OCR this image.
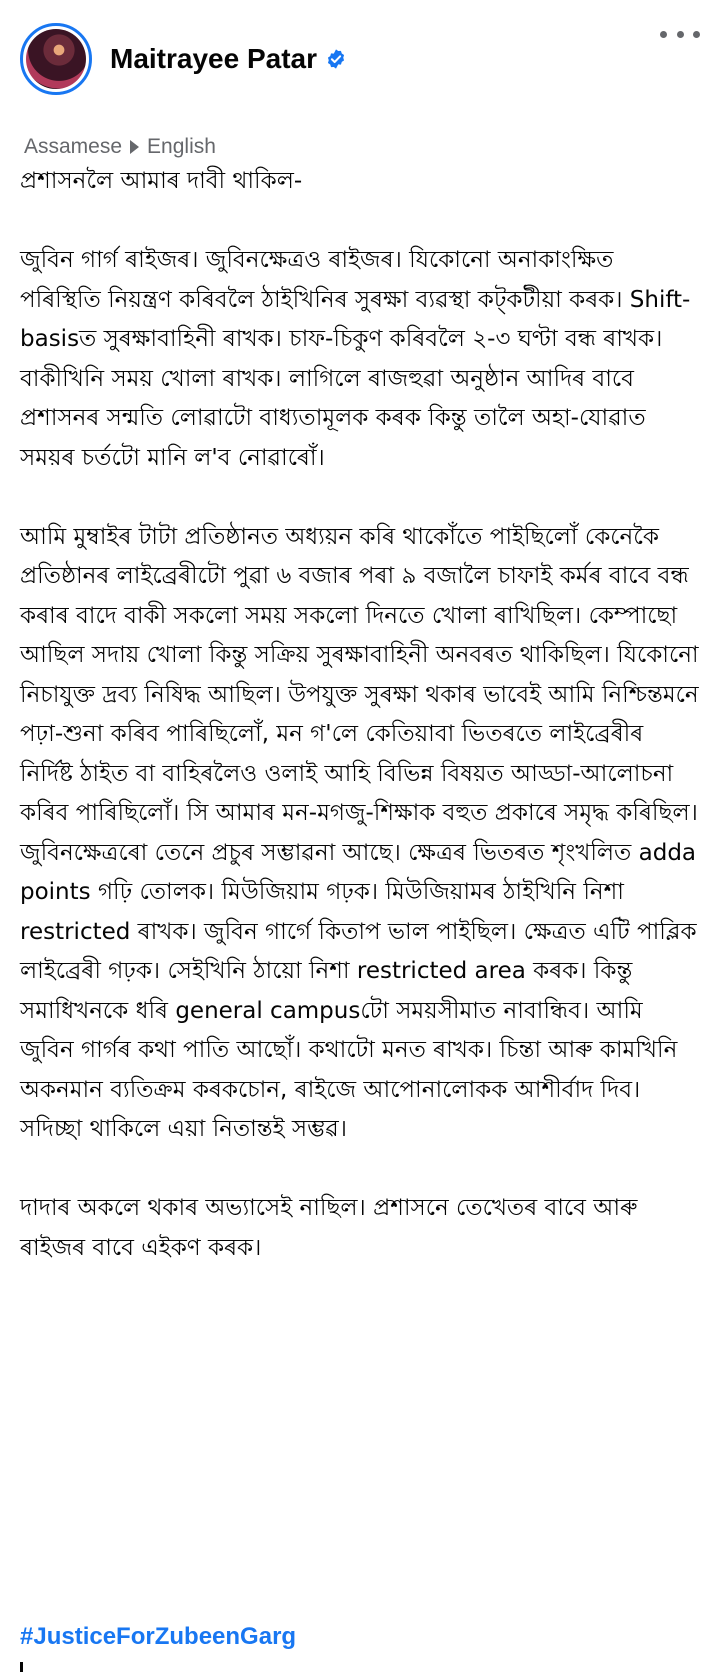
Maitrayee Patar
Assamese English

প্ৰশাসনলৈ আমাৰ দাবী থাকিল-

জুবিন গাৰ্গ ৰাইজৰ। জুবিনক্ষেত্ৰও ৰাইজৰ। যিকোনো অনাকাংক্ষিত পৰিস্থিতি নিয়ন্ত্ৰণ কৰিবলৈ ঠাইখিনিৰ সুৰক্ষা ব্যৱস্থা কট্‌কটীয়া কৰক। Shift-basisত সুৰক্ষাবাহিনী ৰাখক। চাফ-চিকুণ কৰিবলৈ ২-৩ ঘণ্টা বন্ধ ৰাখক। বাকীখিনি সময় খোলা ৰাখক। লাগিলে ৰাজহুৱা অনুষ্ঠান আদিৰ বাবে প্ৰশাসনৰ সন্মতি লোৱাটো বাধ্যতামূলক কৰক কিন্তু তালৈ অহা-যোৱাত সময়ৰ চৰ্তটো মানি ল'ব নোৱাৰোঁ।

আমি মুম্বাইৰ টাটা প্ৰতিষ্ঠানত অধ্যয়ন কৰি থাকোঁতে পাইছিলোঁ কেনেকৈ প্ৰতিষ্ঠানৰ লাইব্ৰেৰীটো পুৱা ৬ বজাৰ পৰা ৯ বজালৈ চাফাই কৰ্মৰ বাবে বন্ধ কৰাৰ বাদে বাকী সকলো সময় সকলো দিনতে খোলা ৰাখিছিল। কেম্পাছো আছিল সদায় খোলা কিন্তু সক্ৰিয় সুৰক্ষাবাহিনী অনবৰত থাকিছিল। যিকোনো নিচাযুক্ত দ্ৰব্য নিষিদ্ধ আছিল। উপযুক্ত সুৰক্ষা থকাৰ ভাবেই আমি নিশ্চিন্তমনে পঢ়া-শুনা কৰিব পাৰিছিলোঁ, মন গ'লে কেতিয়াবা ভিতৰতে লাইব্ৰেৰীৰ নিৰ্দিষ্ট ঠাইত বা বাহিৰলৈও ওলাই আহি বিভিন্ন বিষয়ত আড্ডা-আলোচনা কৰিব পাৰিছিলোঁ। সি আমাৰ মন-মগজু-শিক্ষাক বহুত প্ৰকাৰে সমৃদ্ধ কৰিছিল। জুবিনক্ষেত্ৰৰো তেনে প্ৰচুৰ সম্ভাৱনা আছে। ক্ষেত্ৰৰ ভিতৰত শৃংখলিত adda points গঢ়ি তোলক। মিউজিয়াম গঢ়ক। মিউজিয়ামৰ ঠাইখিনি নিশা restricted ৰাখক। জুবিন গাৰ্গে কিতাপ ভাল পাইছিল। ক্ষেত্ৰত এটি পাব্লিক লাইব্ৰেৰী গঢ়ক। সেইখিনি ঠায়ো নিশা restricted area কৰক। কিন্তু সমাধিখনকে ধৰি general campusটো সময়সীমাত নাবান্ধিব। আমি জুবিন গাৰ্গৰ কথা পাতি আছোঁ। কথাটো মনত ৰাখক। চিন্তা আৰু কামখিনি অকনমান ব্যতিক্ৰম কৰকচোন, ৰাইজে আপোনালোকক আশীৰ্বাদ দিব। সদিচ্ছা থাকিলে এয়া নিতান্তই সম্ভৱ।

দাদাৰ অকলে থকাৰ অভ্যাসেই নাছিল। প্ৰশাসনে তেখেতৰ বাবে আৰু ৰাইজৰ বাবে এইকণ কৰক।

#JusticeForZubeenGarg
